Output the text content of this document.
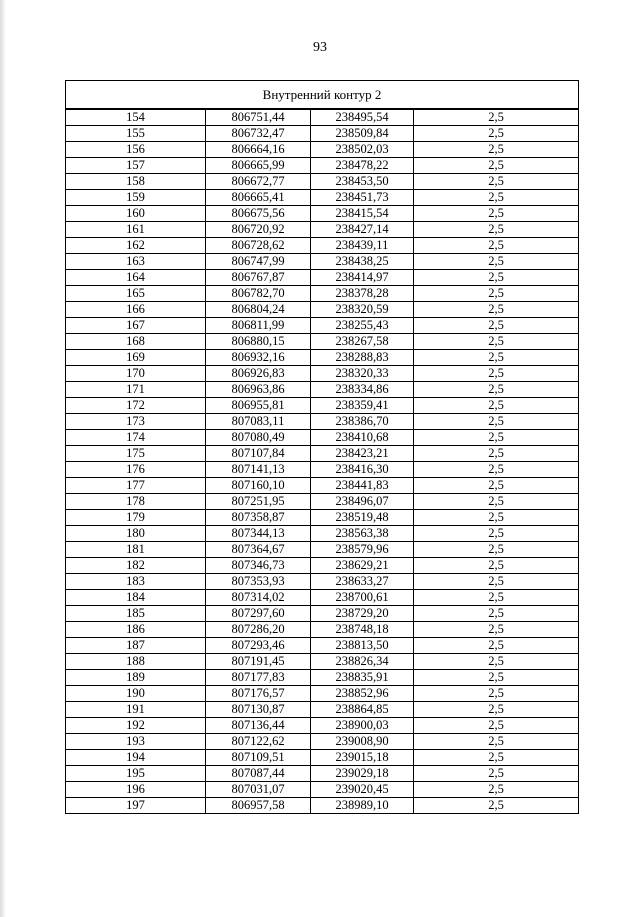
93
Внутренний контур 2			
154	806751,44	238495,54	2,5
155	806732,47	238509,84	2,5
156	806664,16	238502,03	2,5
157	806665,99	238478,22	2,5
158	806672,77	238453,50	2,5
159	806665,41	238451,73	2,5
160	806675,56	238415,54	2,5
161	806720,92	238427,14	2,5
162	806728,62	238439,11	2,5
163	806747,99	238438,25	2,5
164	806767,87	238414,97	2,5
165	806782,70	238378,28	2,5
166	806804,24	238320,59	2,5
167	806811,99	238255,43	2,5
168	806880,15	238267,58	2,5
169	806932,16	238288,83	2,5
170	806926,83	238320,33	2,5
171	806963,86	238334,86	2,5
172	806955,81	238359,41	2,5
173	807083,11	238386,70	2,5
174	807080,49	238410,68	2,5
175	807107,84	238423,21	2,5
176	807141,13	238416,30	2,5
177	807160,10	238441,83	2,5
178	807251,95	238496,07	2,5
179	807358,87	238519,48	2,5
180	807344,13	238563,38	2,5
181	807364,67	238579,96	2,5
182	807346,73	238629,21	2,5
183	807353,93	238633,27	2,5
184	807314,02	238700,61	2,5
185	807297,60	238729,20	2,5
186	807286,20	238748,18	2,5
187	807293,46	238813,50	2,5
188	807191,45	238826,34	2,5
189	807177,83	238835,91	2,5
190	807176,57	238852,96	2,5
191	807130,87	238864,85	2,5
192	807136,44	238900,03	2,5
193	807122,62	239008,90	2,5
194	807109,51	239015,18	2,5
195	807087,44	239029,18	2,5
196	807031,07	239020,45	2,5
197	806957,58	238989,10	2,5
